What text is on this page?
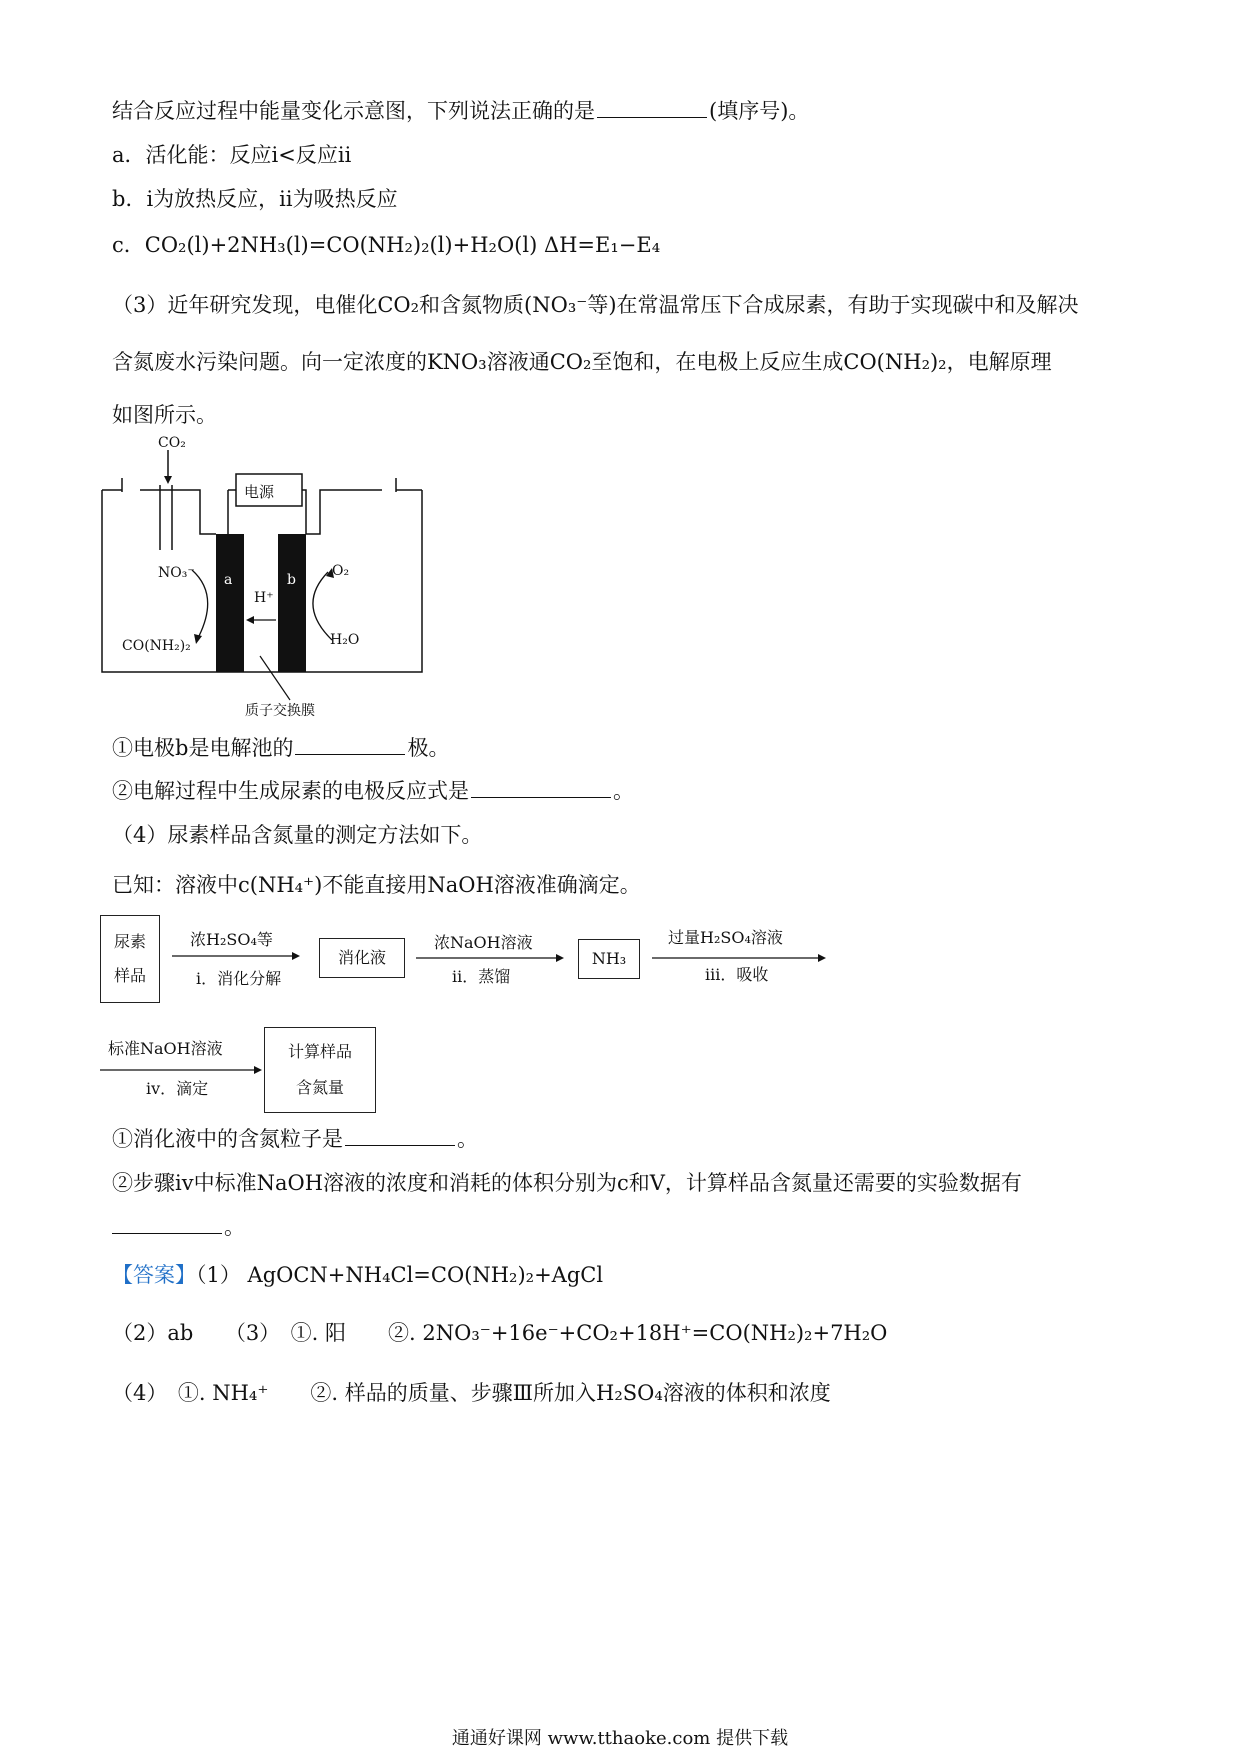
结合反应过程中能量变化示意图，下列说法正确的是	(填序号)。
a．活化能：反应ⅰ<反应ⅱ
b．ⅰ为放热反应，ⅱ为吸热反应
c．CO₂(l)+2NH₃(l)=CO(NH₂)₂(l)+H₂O(l) ΔH=E₁−E₄
（3）近年研究发现，电催化CO₂和含氮物质(NO₃⁻等)在常温常压下合成尿素，有助于实现碳中和及解决
含氮废水污染问题。向一定浓度的KNO₃溶液通CO₂至饱和，在电极上反应生成CO(NH₂)₂，电解原理
如图所示。
CO₂
电源
NO₃⁻ a	b
H⁺
O₂
CO(NH₂)₂	H₂O
质子交换膜
①电极b是电解池的	极。
②电解过程中生成尿素的电极反应式是	。
（4）尿素样品含氮量的测定方法如下。
已知：溶液中c(NH₄⁺)不能直接用NaOH溶液准确滴定。
尿素
样品
浓H₂SO₄等
ⅰ．消化分解
消化液
浓NaOH溶液
ⅱ．蒸馏
NH₃
过量H₂SO₄溶液
ⅲ．吸收
标准NaOH溶液
ⅳ．滴定
计算样品
含氮量
①消化液中的含氮粒子是	。
②步骤ⅳ中标准NaOH溶液的浓度和消耗的体积分别为c和V，计算样品含氮量还需要的实验数据有
。
【答案】（1） AgOCN+NH₄Cl=CO(NH₂)₂+AgCl
（2）ab　　（3）　①. 阳　　②. 2NO₃⁻+16e⁻+CO₂+18H⁺=CO(NH₂)₂+7H₂O
（4）　①. NH₄⁺　　②. 样品的质量、步骤Ⅲ所加入H₂SO₄溶液的体积和浓度
通通好课网 www.tthaoke.com 提供下载
